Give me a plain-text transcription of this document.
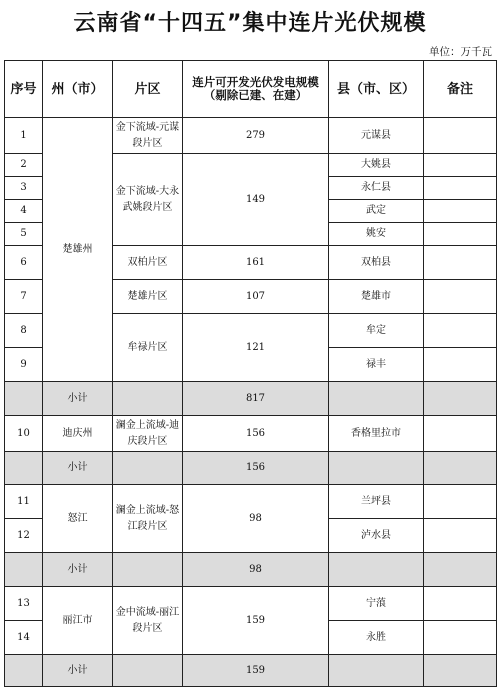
云南省“十四五”集中连片光伏规模
单位：万千瓦
序号	州（市）	片区	连片可开发光伏发电规模（剔除已建、在建）	县（市、区）	备注
1	楚雄州	金下流域-元谋段片区	279	元谋县	
2		金下流域-大永武姚段片区	149	大姚县	
3				永仁县	
4				武定	
5				姚安	
6		双柏片区	161	双柏县	
7		楚雄片区	107	楚雄市	
8		牟禄片区	121	牟定	
9				禄丰	
	小计		817		
10	迪庆州	澜金上流域-迪庆段片区	156	香格里拉市	
	小计		156		
11	怒江	澜金上流域-怒江段片区	98	兰坪县	
12				泸水县	
	小计		98		
13	丽江市	金中流域-丽江段片区	159	宁蒗	
14				永胜	
	小计		159		
